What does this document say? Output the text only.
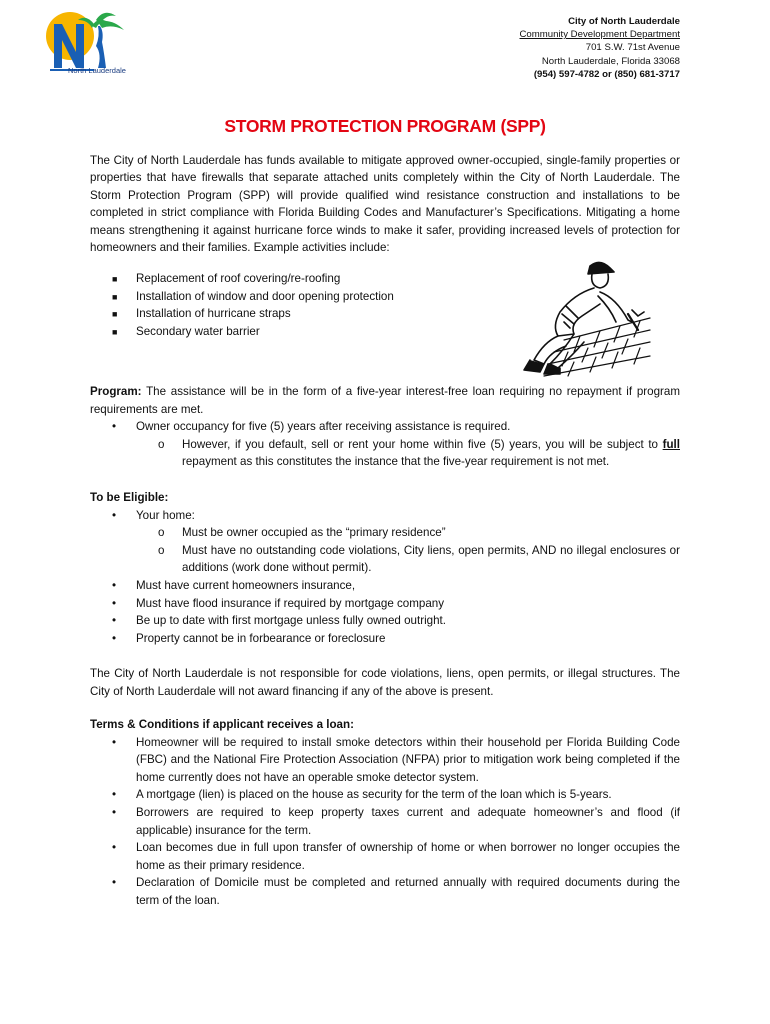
North Lauderdale
City of North Lauderdale
Community Development Department
701 S.W. 71st Avenue
North Lauderdale, Florida 33068
(954) 597-4782 or (850) 681-3717
STORM PROTECTION PROGRAM (SPP)
The City of North Lauderdale has funds available to mitigate approved owner-occupied, single-family properties or properties that have firewalls that separate attached units completely within the City of North Lauderdale. The Storm Protection Program (SPP) will provide qualified wind resistance construction and installations to be completed in strict compliance with Florida Building Codes and Manufacturer’s Specifications. Mitigating a home means strengthening it against hurricane force winds to make it safer, providing increased levels of protection for homeowners and their families. Example activities include:
■ Replacement of roof covering/re-roofing
■ Installation of window and door opening protection
■ Installation of hurricane straps
■ Secondary water barrier
Program: The assistance will be in the form of a five-year interest-free loan requiring no repayment if program requirements are met.
• Owner occupancy for five (5) years after receiving assistance is required.
o However, if you default, sell or rent your home within five (5) years, you will be subject to full repayment as this constitutes the instance that the five-year requirement is not met.
To be Eligible:
• Your home:
o Must be owner occupied as the “primary residence”
o Must have no outstanding code violations, City liens, open permits, AND no illegal enclosures or additions (work done without permit).
• Must have current homeowners insurance,
• Must have flood insurance if required by mortgage company
• Be up to date with first mortgage unless fully owned outright.
• Property cannot be in forbearance or foreclosure
The City of North Lauderdale is not responsible for code violations, liens, open permits, or illegal structures. The City of North Lauderdale will not award financing if any of the above is present.
Terms & Conditions if applicant receives a loan:
• Homeowner will be required to install smoke detectors within their household per Florida Building Code (FBC) and the National Fire Protection Association (NFPA) prior to mitigation work being completed if the home currently does not have an operable smoke detector system.
• A mortgage (lien) is placed on the house as security for the term of the loan which is 5-years.
• Borrowers are required to keep property taxes current and adequate homeowner’s and flood (if applicable) insurance for the term.
• Loan becomes due in full upon transfer of ownership of home or when borrower no longer occupies the home as their primary residence.
• Declaration of Domicile must be completed and returned annually with required documents during the term of the loan.
